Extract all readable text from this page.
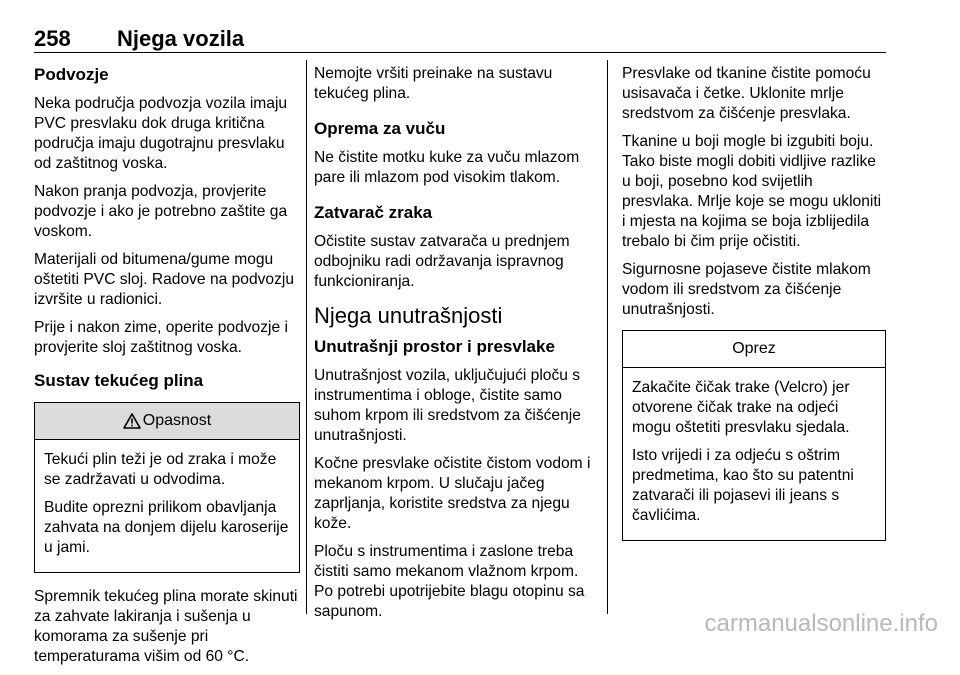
258 Njega vozila
Podvozje

Neka područja podvozja vozila imaju PVC presvlaku dok druga kritična područja imaju dugotrajnu presvlaku od zaštitnog voska.

Nakon pranja podvozja, provjerite podvozje i ako je potrebno zaštite ga voskom.

Materijali od bitumena/gume mogu oštetiti PVC sloj. Radove na podvozju izvršite u radionici.

Prije i nakon zime, operite podvozje i provjerite sloj zaštitnog voska.

Sustav tekućeg plina
Opasnost

Tekući plin teži je od zraka i može se zadržavati u odvodima.

Budite oprezni prilikom obavljanja zahvata na donjem dijelu karoserije u jami.

Spremnik tekućeg plina morate skinuti za zahvate lakiranja i sušenja u komorama za sušenje pri temperaturama višim od 60 °C.

Nemojte vršiti preinake na sustavu tekućeg plina.

Oprema za vuču

Ne čistite motku kuke za vuču mlazom pare ili mlazom pod visokim tlakom.

Zatvarač zraka

Očistite sustav zatvarača u prednjem odbojniku radi održavanja ispravnog funkcioniranja.

Njega unutrašnjosti
Unutrašnji prostor i presvlake

Unutrašnjost vozila, uključujući ploču s instrumentima i obloge, čistite samo suhom krpom ili sredstvom za čišćenje unutrašnjosti.

Kočne presvlake očistite čistom vodom i mekanom krpom. U slučaju jačeg zaprljanja, koristite sredstva za njegu kože.

Ploču s instrumentima i zaslone treba čistiti samo mekanom vlažnom krpom. Po potrebi upotrijebite blagu otopinu sa sapunom.

Presvlake od tkanine čistite pomoću usisavača i četke. Uklonite mrlje sredstvom za čišćenje presvlaka.

Tkanine u boji mogle bi izgubiti boju. Tako biste mogli dobiti vidljive razlike u boji, posebno kod svijetlih presvlaka. Mrlje koje se mogu ukloniti i mjesta na kojima se boja izblijedila trebalo bi čim prije očistiti.

Sigurnosne pojaseve čistite mlakom vodom ili sredstvom za čišćenje unutrašnjosti.

Oprez

Zakačite čičak trake (Velcro) jer otvorene čičak trake na odjeći mogu oštetiti presvlaku sjedala.

Isto vrijedi i za odjeću s oštrim predmetima, kao što su patentni zatvarači ili pojasevi ili jeans s čavlićima.

carmanualsonline.info
